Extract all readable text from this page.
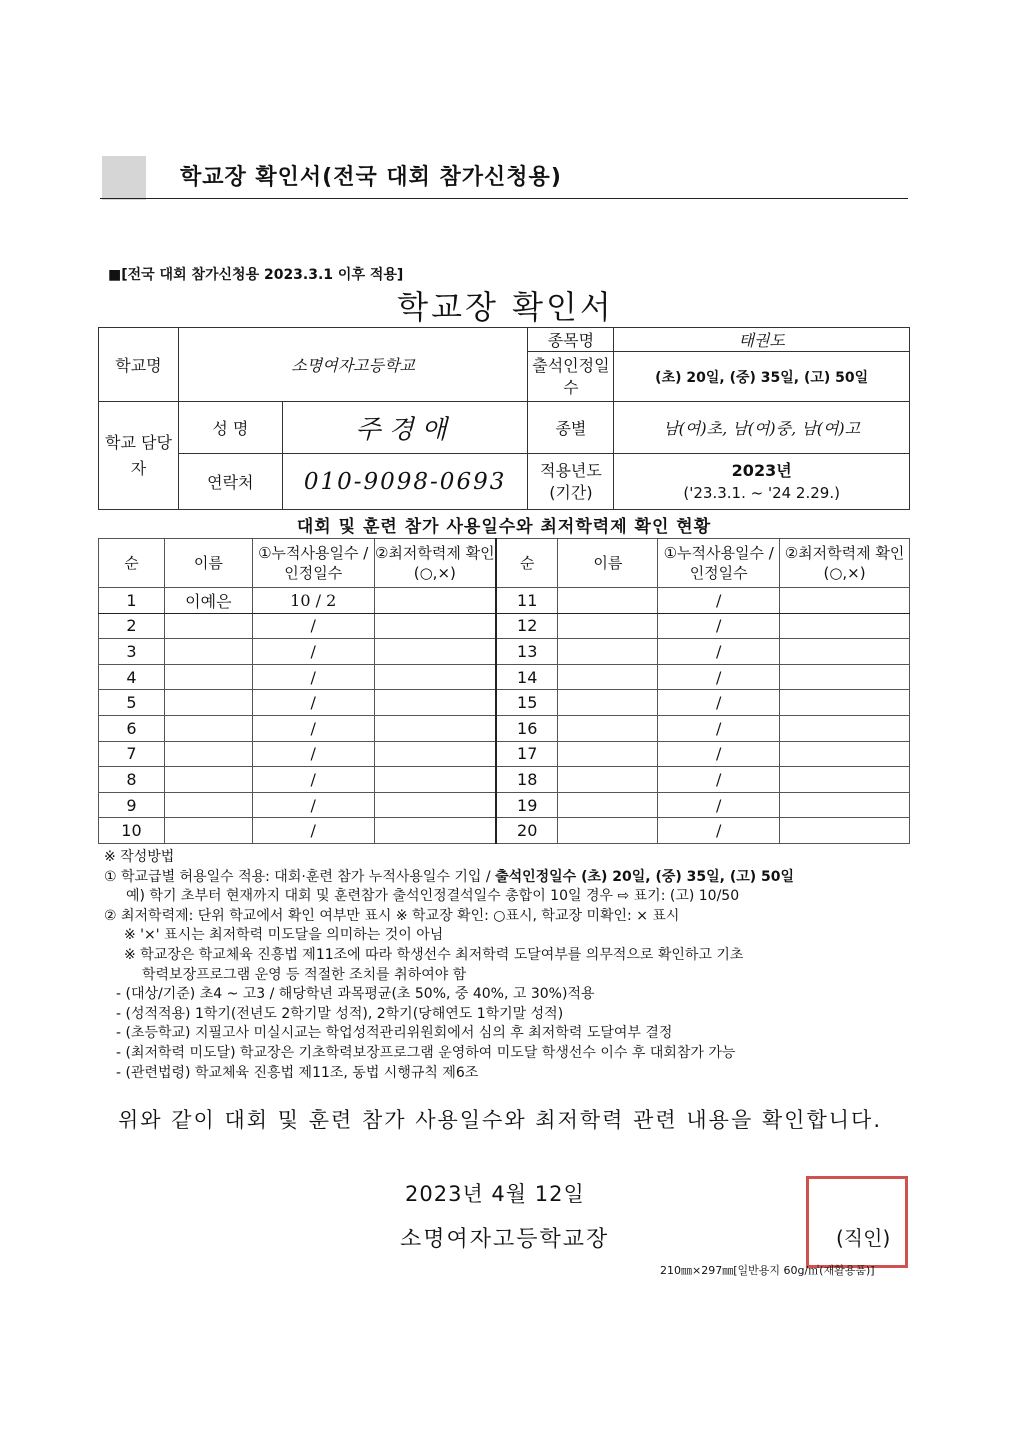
학교장 확인서(전국 대회 참가신청용)
■[전국 대회 참가신청용 2023.3.1 이후 적용]
학교장 확인서
학교명	소명여자고등학교		종목명	태권도
			출석인정일수	(초) 20일, (중) 35일, (고) 50일
학교 담당자	성 명	주경애	종별	남(여)초, 남(여)중, 남(여)고
	연락처	010-9098-0693	적용년도 (기간)	2023년
('23.3.1. ~ '24 2.29.)
대회 및 훈련 참가 사용일수와 최저학력제 확인 현황
순	이름	①누적사용일수 /인정일수	②최저학력제 확인(○,×)	순	이름	①누적사용일수 /인정일수	②최저학력제 확인(○,×)
1	이예은	10 / 2		11		/	
2		/		12		/	
3		/		13		/	
4		/		14		/	
5		/		15		/	
6		/		16		/	
7		/		17		/	
8		/		18		/	
9		/		19		/	
10		/		20		/	
※ 작성방법
① 학교급별 허용일수 적용: 대회·훈련 참가 누적사용일수 기입 / 출석인정일수 (초) 20일, (중) 35일, (고) 50일
예) 학기 초부터 현재까지 대회 및 훈련참가 출석인정결석일수 총합이 10일 경우 ⇨ 표기: (고) 10/50
② 최저학력제: 단위 학교에서 확인 여부만 표시 ※ 학교장 확인: ○표시, 학교장 미확인: × 표시
※ '×' 표시는 최저학력 미도달을 의미하는 것이 아님
※ 학교장은 학교체육 진흥법 제11조에 따라 학생선수 최저학력 도달여부를 의무적으로 확인하고 기초
학력보장프로그램 운영 등 적절한 조치를 취하여야 함
- (대상/기준) 초4 ~ 고3 / 해당학년 과목평균(초 50%, 중 40%, 고 30%)적용
- (성적적용) 1학기(전년도 2학기말 성적), 2학기(당해연도 1학기말 성적)
- (초등학교) 지필고사 미실시교는 학업성적관리위원회에서 심의 후 최저학력 도달여부 결정
- (최저학력 미도달) 학교장은 기초학력보장프로그램 운영하여 미도달 학생선수 이수 후 대회참가 가능
- (관련법령) 학교체육 진흥법 제11조, 동법 시행규칙 제6조
위와 같이 대회 및 훈련 참가 사용일수와 최저학력 관련 내용을 확인합니다.
2023년 4월 12일
소명여자고등학교장	(직인)
210㎜×297㎜[일반용지 60g/㎡(재활용품)]
